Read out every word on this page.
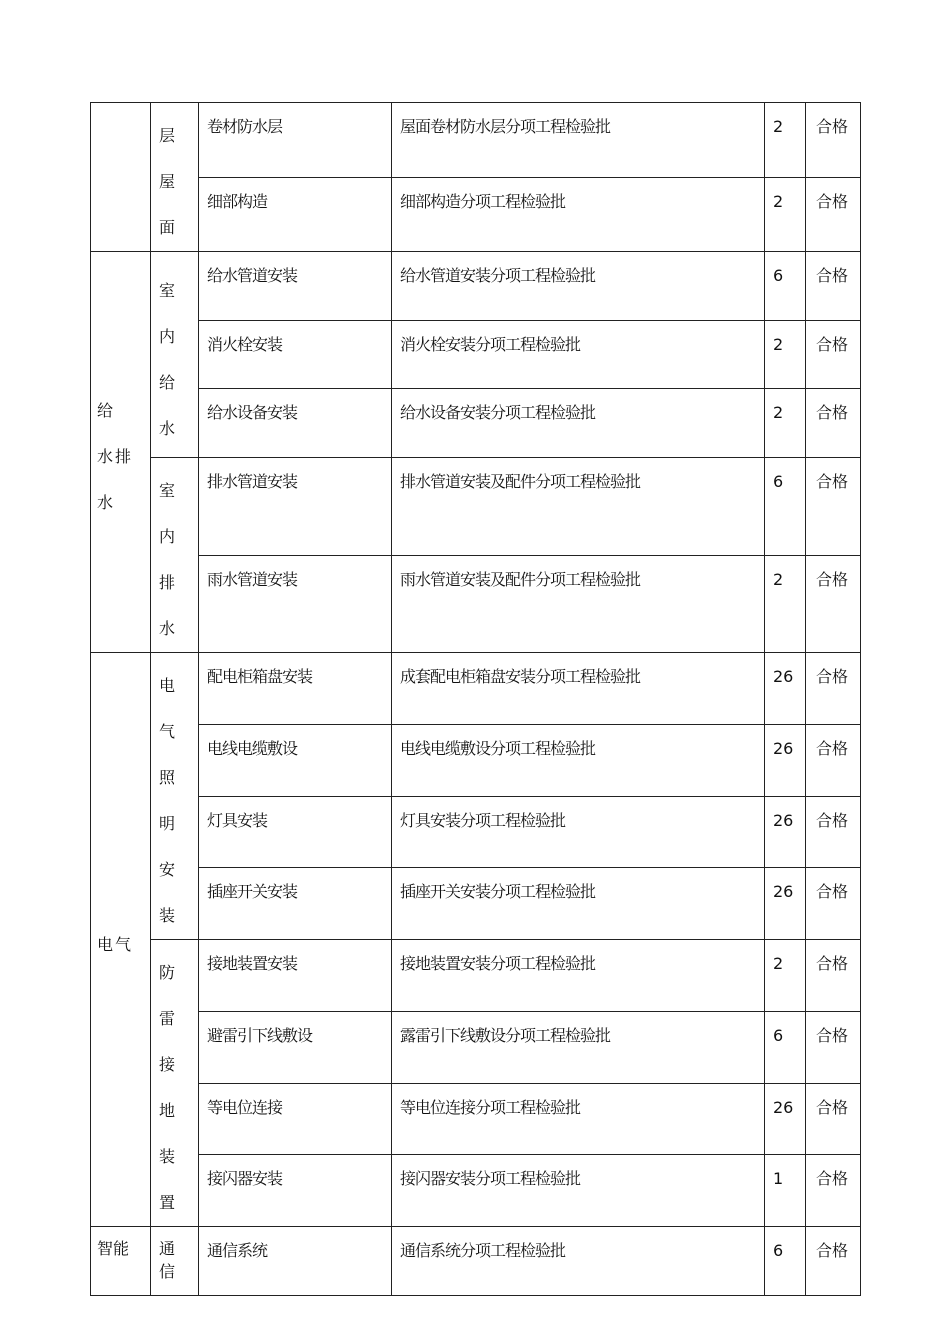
	层屋面	卷材防水层	屋面卷材防水层分项工程检验批	2	合格
		细部构造	细部构造分项工程检验批	2	合格

给 水排水	室内给水	给水管道安装	给水管道安装分项工程检验批	6	合格
		消火栓安装	消火栓安装分项工程检验批	2	合格
		给水设备安装	给水设备安装分项工程检验批	2	合格

	室内排水	排水管道安装	排水管道安装及配件分项工程检验批	6	合格
		雨水管道安装	雨水管道安装及配件分项工程检验批	2	合格

电气	电气照明安装	配电柜箱盘安装	成套配电柜箱盘安装分项工程检验批	26	合格
		电线电缆敷设	电线电缆敷设分项工程检验批	26	合格
		灯具安装	灯具安装分项工程检验批	26	合格
		插座开关安装	插座开关安装分项工程检验批	26	合格

	防雷接地装置	接地装置安装	接地装置安装分项工程检验批	2	合格
		避雷引下线敷设	露雷引下线敷设分项工程检验批	6	合格
		等电位连接	等电位连接分项工程检验批	26	合格
		接闪器安装	接闪器安装分项工程检验批	1	合格
智能	通信	通信系统	通信系统分项工程检验批	6	合格
